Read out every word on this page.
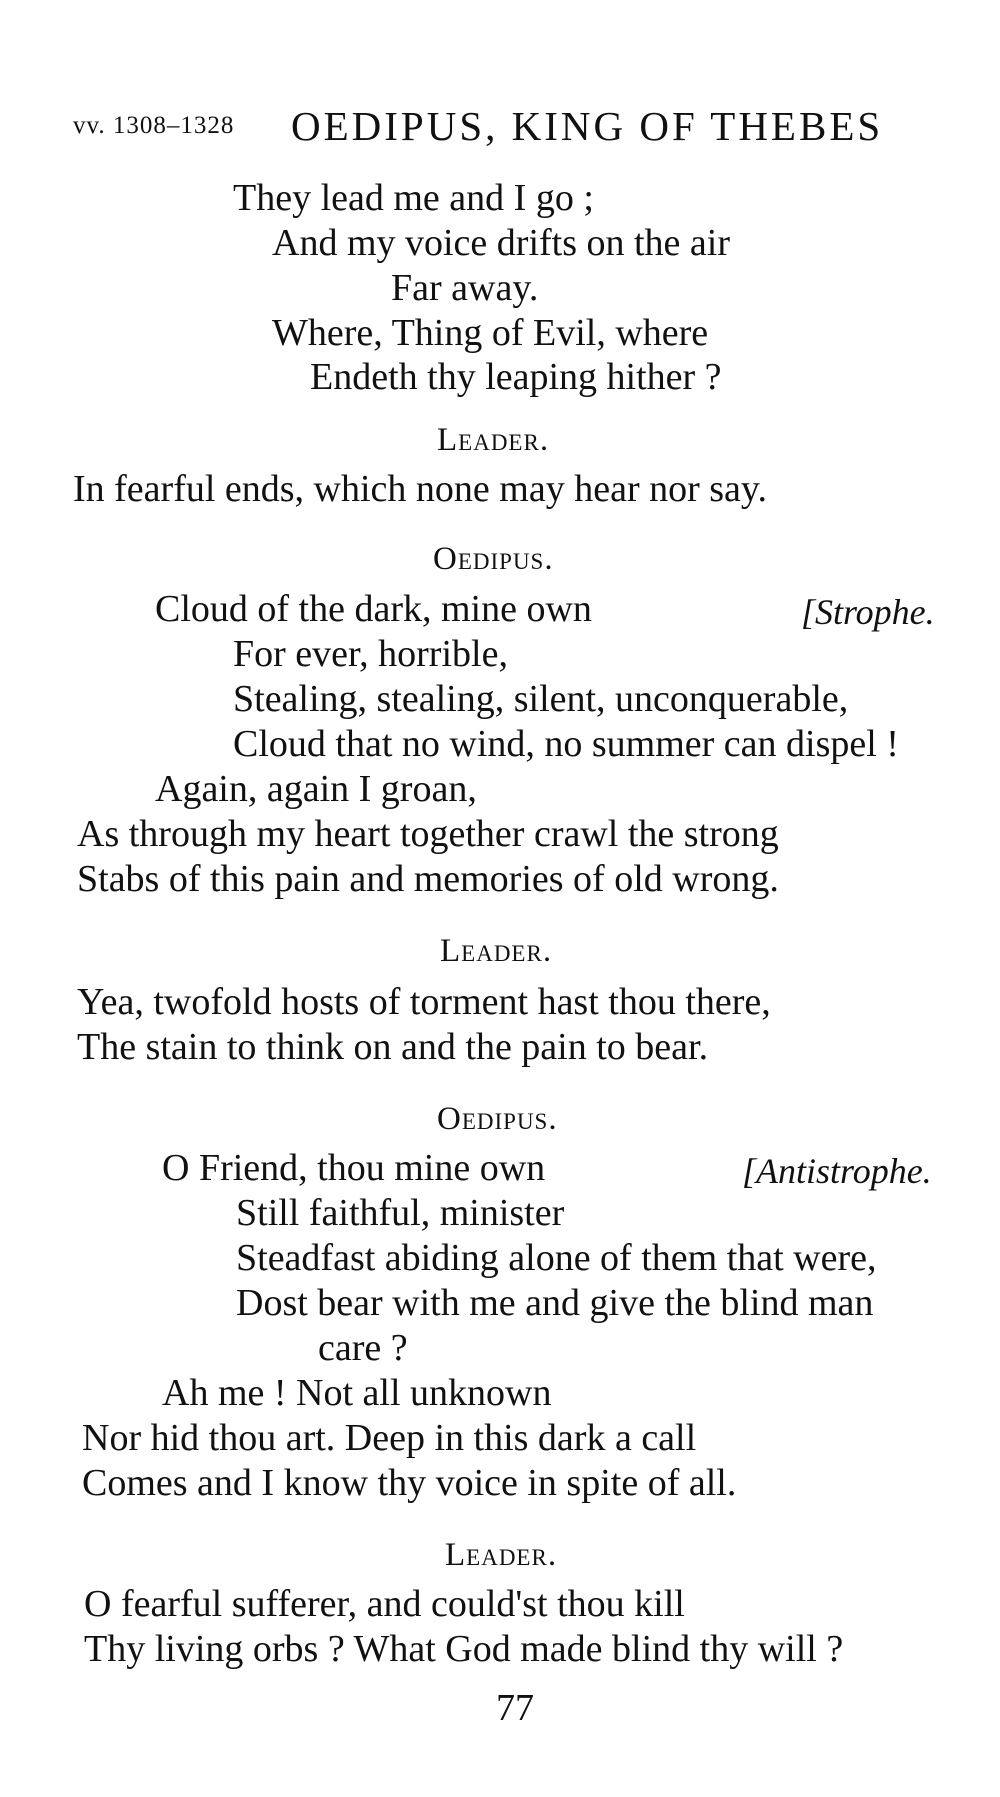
vv. 1308–1328 OEDIPUS, KING OF THEBES
They lead me and I go ;
And my voice drifts on the air
Far away.
Where, Thing of Evil, where
Endeth thy leaping hither ?
Leader.
In fearful ends, which none may hear nor say.
Oedipus.
Cloud of the dark, mine own	[Strophe.
For ever, horrible,
Stealing, stealing, silent, unconquerable,
Cloud that no wind, no summer can dispel !
Again, again I groan,
As through my heart together crawl the strong
Stabs of this pain and memories of old wrong.
Leader.
Yea, twofold hosts of torment hast thou there,
The stain to think on and the pain to bear.
Oedipus.
O Friend, thou mine own	[Antistrophe.
Still faithful, minister
Steadfast abiding alone of them that were,
Dost bear with me and give the blind man
care ?
Ah me ! Not all unknown
Nor hid thou art. Deep in this dark a call
Comes and I know thy voice in spite of all.
Leader.
O fearful sufferer, and could'st thou kill
Thy living orbs ? What God made blind thy will ?
77
